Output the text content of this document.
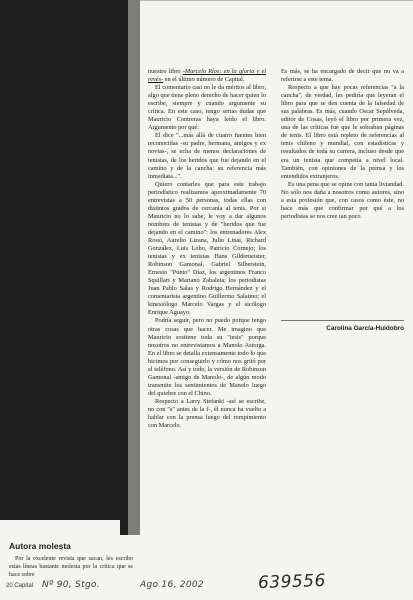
nuestro libro -Marcelo Ríos: en la gloria y el revés- en el último número de Capital.

El comentario casi no le da méritos al libro, algo que tiene pleno derecho de hacer quien lo escribe, siempre y cuando argumente su crítica. En este caso, tengo serias dudas que Mauricio Contreras haya leído el libro. Argumento por qué:

El dice "...más allá de cuatro fuentes bien reconocidas -su padre, hermana, amigos y ex novias-, se echa de menos declaraciones de tenistas, de los heridos que fue dejando en el camino y de la cancha: su referencia más inmediata...".

Quiero contarles que para este trabajo periodístico realizamos aproximadamente 70 entrevistas a 50 personas, todas ellas con distintos grados de cercanía al tenis. Por si Mauricio no lo sabe, le voy a dar algunos nombres de tenistas y de "heridos que fue dejando en el camino": los entrenadores Alex Rossi, Aurelio Lizana, Julio Linai, Richard González, Luis Lobo, Patricio Cornejo; los tenistas y ex tenistas Hans Gildemeister, Robinson Gamonal, Gabriel Silberstein, Ernesto "Punto" Díaz, los argentinos Franco Squillari y Mariano Zabaleta; los periodistas Juan Pablo Salas y Rodrigo Hernández y el comentarista argentino Guillermo Salatino; el kinesiólogo Marcelo Vargas y el sicólogo Enrique Aguayo.

Podría seguir, pero no puedo porque tengo otras cosas que hacer. Me imagino que Mauricio sostiene toda su "tesis" porque nosotros no entrevistamos a Manolo Astorga. En el libro se detalla extensamente todo lo que hicimos por conseguirlo y cómo nos gritó por el teléfono. Así y todo, la versión de Robinson Gamonal -amigo de Manolo-, de algún modo transmite los sentimientos de Manolo luego del quiebre con el Chino.

Respecto a Larry Stefanki -así se escribe, no con "s" antes de la f-, él nunca ha vuelto a hablar con la prensa luego del rompimiento con Marcelo.

Es más, se ha encargado de decir que no va a referirse a este tema.

Respecto a que hay pocas referencias "a la cancha", de verdad, les pediría que leyeran el libro para que se den cuenta de la falsedad de sus palabras. Es más, cuando Oscar Sepúlveda, editor de Cosas, leyó el libro por primera vez, una de las críticas fue que le sobraban páginas de tenis. El libro está repleto de referencias al tenis chileno y mundial, con estadísticas y resultados de toda su carrera, incluso desde que era un tenista que competía a nivel local. También, con opiniones de la prensa y los entendidos extranjeros.

Es una pena que se opine con tanta liviandad. No sólo nos daña a nosotros como autores, sino a esta profesión que, con casos como éste, no hace más que confirmar por qué a los periodistas se nos cree tan poco.

Carolina García-Huidobro
Autora molesta

Por la excelente revista que sacan, les escribo estas líneas bastante molesta por la crítica que se hace sobre

20 Capital Nº 90, Stgo.	Ago 16, 2002	639556
